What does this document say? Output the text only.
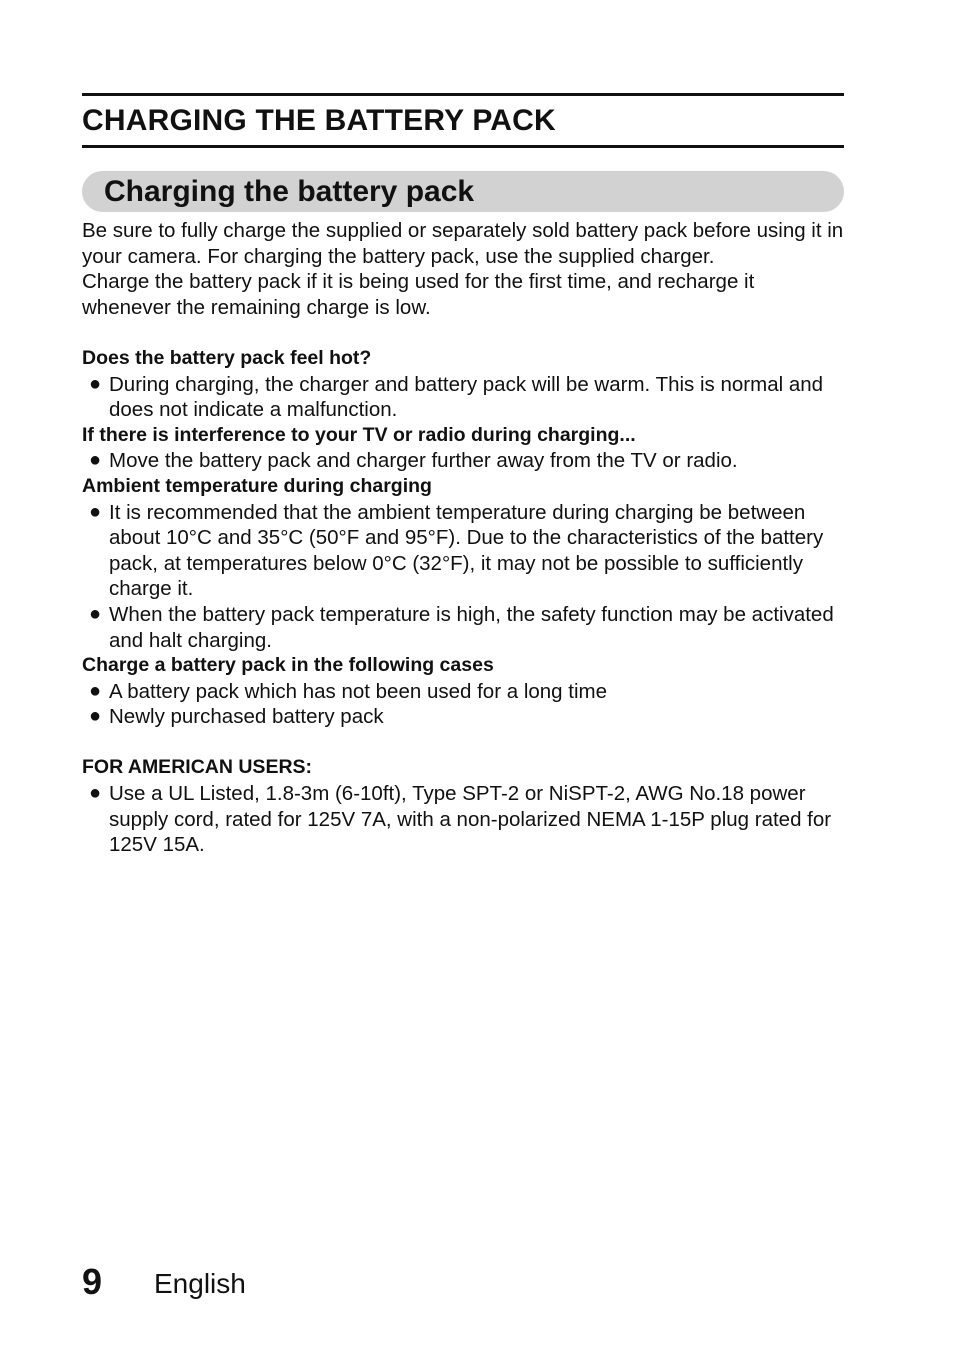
CHARGING THE BATTERY PACK
Charging the battery pack

Be sure to fully charge the supplied or separately sold battery pack before using it in your camera. For charging the battery pack, use the supplied charger.

Charge the battery pack if it is being used for the first time, and recharge it whenever the remaining charge is low.

Does the battery pack feel hot?

● During charging, the charger and battery pack will be warm. This is normal and does not indicate a malfunction.

If there is interference to your TV or radio during charging...

● Move the battery pack and charger further away from the TV or radio.

Ambient temperature during charging

● It is recommended that the ambient temperature during charging be between about 10°C and 35°C (50°F and 95°F). Due to the characteristics of the battery pack, at temperatures below 0°C (32°F), it may not be possible to sufficiently charge it.
● When the battery pack temperature is high, the safety function may be activated and halt charging.

Charge a battery pack in the following cases

● A battery pack which has not been used for a long time
● Newly purchased battery pack

FOR AMERICAN USERS:

● Use a UL Listed, 1.8-3m (6-10ft), Type SPT-2 or NiSPT-2, AWG No.18 power supply cord, rated for 125V 7A, with a non-polarized NEMA 1-15P plug rated for 125V 15A.
9 English
